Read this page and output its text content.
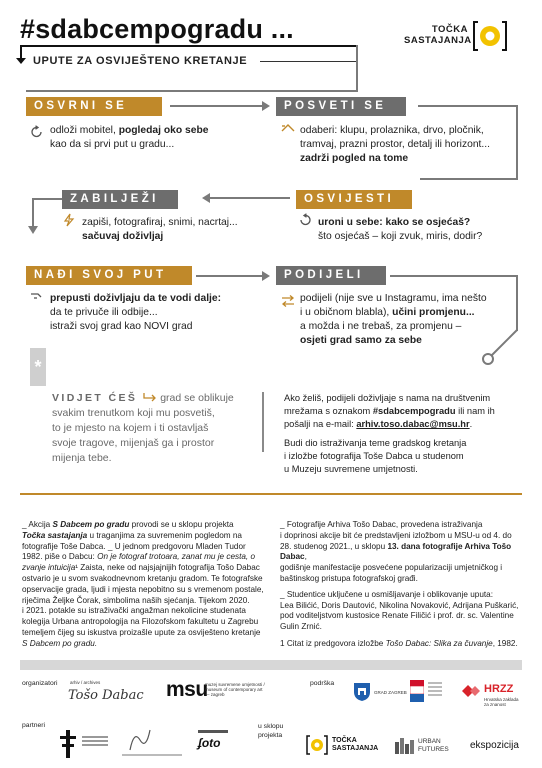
#sdabcempogradu ...
UPUTE ZA OSVIJEŠTENO KRETANJE
TOČKA
SASTAJANJA
OSVRNI SE	POSVETI SE
odloži mobitel, pogledaj oko sebe
kao da si prvi put u gradu...
odaberi: klupu, prolaznika, drvo, pločnik,
tramvaj, prazni prostor, detalj ili horizont...
zadrži pogled na tome
ZABILJEŽI	OSVIJESTI
zapiši, fotografiraj, snimi, nacrtaj...
sačuvaj doživljaj
uroni u sebe: kako se osjećaš?
što osjećaš – koji zvuk, miris, dodir?
NAĐI SVOJ PUT	PODIJELI
prepusti doživljaju da te vodi dalje:
da te privuče ili odbije...
istraži svoj grad kao NOVI grad
podijeli (nije sve u Instagramu, ima nešto
i u običnom blablа), učini promjenu...
a možda i ne trebaš, za promjenu –
osjeti grad samo za sebe
*
VIDJET ĆEŠ grad se oblikuje
svakim trenutkom koji mu posvetiš,
to je mjesto na kojem i ti ostavljaš
svoje tragove, mijenjaš ga i prostor
mijenja tebe.
Ako želiš, podijeli doživljaje s nama na društvenim
mrežama s oznakom #sdabcempogradu ili nam ih
pošalji na e-mail: arhiv.toso.dabac@msu.hr.
Budi dio istraživanja teme gradskog kretanja
i izložbe fotografija Toše Dabca u studenom
u Muzeju suvremene umjetnosti.
_ Akcija S Dabcem po gradu provodi se u sklopu projekta
Točka sastajanja u traganjima za suvremenim pogledom na
fotografije Toše Dabca. _ U jednom predgovoru Mladen Tudor
1982. piše o Dabcu: On je fotograf trotoara, zanat mu je cesta, o
zvanje intuicija¹ Zaista, neke od najsjajnijih fotografija Tošo Dabac
ostvario je u svom svakodnevnom kretanju gradom. Te fotografske
opservacije grada, ljudi i mjesta nepobitno su s vremenom postale,
riječima Željke Čorak, simbolima naših sjećanja. Tijekom 2020.
i 2021. potakle su istraživački angažman nekolicine studenata
kolegija Urbana antropologija na Filozofskom fakultetu u Zagrebu
temeljem čijeg su iskustva proizašle upute za osviješteno kretanje
S Dabcem po gradu.
_ Fotografije Arhiva Tošo Dabac, provedena istraživanja
i doprinosi akcije bit će predstavljeni izložbom u MSU-u od 4. do
28. studenog 2021., u sklopu 13. dana fotografije Arhiva Tošo Dabac,
godišnje manifestacije posvećene popularizaciji umjetničkog i
baštinskog pristupa fotografskoj građi.
_ Studentice uključene u osmišljavanje i oblikovanje uputa:
Lea Bilićić, Doris Dautović, Nikolina Novaković, Adrijana Puškarić,
pod voditeljstvom kustosice Renate Filičić i prof. dr. sc. Valentine
Gulin Zrnić.
1 Citat iz predgovora izložbe Tošo Dabac: Slika za čuvanje, 1982.
organizatori	arhiv / archives
Tošo Dabac msu
muzej suvremene umjetnosti /
museum of contemporary art
— zagreb
podrška
GRAD ZAGREB	HRZZ
Hrvatska zaklada za znanost
partneri
ʄoto
u sklopu
projekta
TOČKA
SASTAJANJA
URBAN
FUTURES ekspozicija
